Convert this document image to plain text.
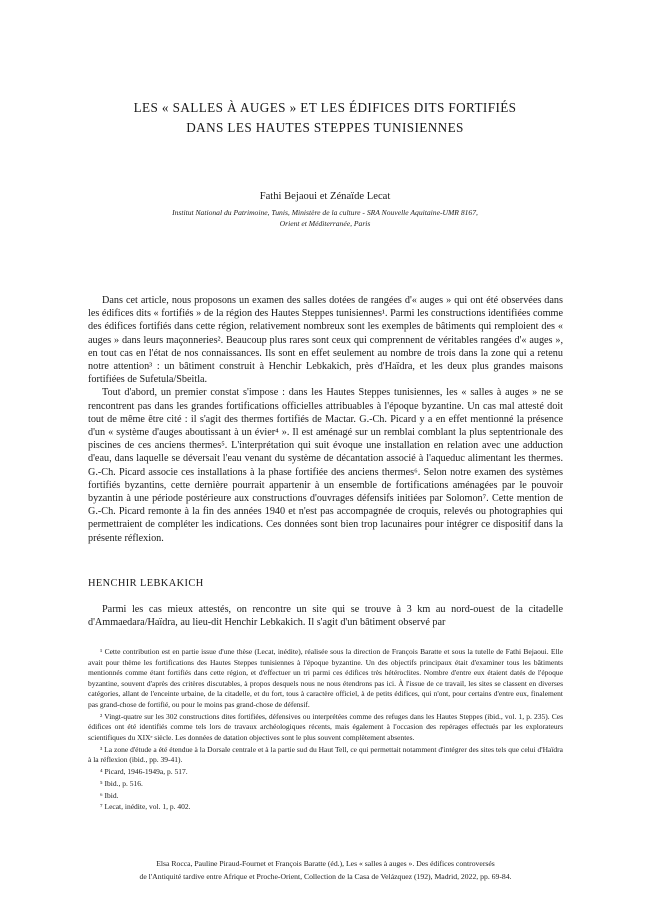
LES « SALLES À AUGES » ET LES ÉDIFICES DITS FORTIFIÉS
DANS LES HAUTES STEPPES TUNISIENNES
Fathi Bejaoui et Zénaïde Lecat
Institut National du Patrimoine, Tunis, Ministère de la culture - SRA Nouvelle Aquitaine-UMR 8167,
Orient et Méditerranée, Paris

Dans cet article, nous proposons un examen des salles dotées de rangées d'« auges » qui ont été observées dans les édifices dits « fortifiés » de la région des Hautes Steppes tunisiennes¹. Parmi les constructions identifiées comme des édifices fortifiés dans cette région, relativement nombreux sont les exemples de bâtiments qui remploient des « auges » dans leurs maçonneries². Beaucoup plus rares sont ceux qui comprennent de véritables rangées d'« auges », en tout cas en l'état de nos connaissances. Ils sont en effet seulement au nombre de trois dans la zone qui a retenu notre attention³ : un bâtiment construit à Henchir Lebkakich, près d'Haïdra, et les deux plus grandes maisons fortifiées de Sufetula/Sbeitla.

Tout d'abord, un premier constat s'impose : dans les Hautes Steppes tunisiennes, les « salles à auges » ne se rencontrent pas dans les grandes fortifications officielles attribuables à l'époque byzantine. Un cas mal attesté doit tout de même être cité : il s'agit des thermes fortifiés de Mactar. G.-Ch. Picard y a en effet mentionné la présence d'un « système d'auges aboutissant à un évier⁴ ». Il est aménagé sur un remblai comblant la plus septentrionale des piscines de ces anciens thermes⁵. L'interprétation qui suit évoque une installation en relation avec une adduction d'eau, dans laquelle se déversait l'eau venant du système de décantation associé à l'aqueduc alimentant les thermes. G.-Ch. Picard associe ces installations à la phase fortifiée des anciens thermes⁶. Selon notre examen des systèmes fortifiés byzantins, cette dernière pourrait appartenir à un ensemble de fortifications aménagées par le pouvoir byzantin à une période postérieure aux constructions d'ouvrages défensifs initiées par Solomon⁷. Cette mention de G.-Ch. Picard remonte à la fin des années 1940 et n'est pas accompagnée de croquis, relevés ou photographies qui permettraient de compléter les indications. Ces données sont bien trop lacunaires pour intégrer ce dispositif dans la présente réflexion.

HENCHIR LEBKAKICH

Parmi les cas mieux attestés, on rencontre un site qui se trouve à 3 km au nord-ouest de la citadelle d'Ammaedara/Haïdra, au lieu-dit Henchir Lebkakich. Il s'agit d'un bâtiment observé par

¹ Cette contribution est en partie issue d'une thèse (Lecat, inédite), réalisée sous la direction de François Baratte et sous la tutelle de Fathi Bejaoui. Elle avait pour thème les fortifications des Hautes Steppes tunisiennes à l'époque byzantine. Un des objectifs principaux était d'examiner tous les bâtiments mentionnés comme étant fortifiés dans cette région, et d'effectuer un tri parmi ces édifices très hétéroclites. Nombre d'entre eux étaient datés de l'époque byzantine, souvent d'après des critères discutables, à propos desquels nous ne nous étendrons pas ici. À l'issue de ce travail, les sites se classent en diverses catégories, allant de l'enceinte urbaine, de la citadelle, et du fort, tous à caractère officiel, à de petits édifices, qui n'ont, pour certains d'entre eux, finalement pas grand-chose de fortifié, ou pour le moins pas grand-chose de défensif.

² Vingt-quatre sur les 302 constructions dites fortifiées, défensives ou interprétées comme des refuges dans les Hautes Steppes (ibid., vol. 1, p. 235). Ces édifices ont été identifiés comme tels lors de travaux archéologiques récents, mais également à l'occasion des repérages effectués par les explorateurs scientifiques du XIXᵉ siècle. Les données de datation objectives sont le plus souvent complètement absentes.

³ La zone d'étude a été étendue à la Dorsale centrale et à la partie sud du Haut Tell, ce qui permettait notamment d'intégrer des sites tels que celui d'Haïdra à la réflexion (ibid., pp. 39-41).

⁴ Picard, 1946-1949a, p. 517.

⁵ Ibid., p. 516.

⁶ Ibid.

⁷ Lecat, inédite, vol. 1, p. 402.

Elsa Rocca, Pauline Piraud-Fournet et François Baratte (éd.), Les « salles à auges ». Des édifices controversés
de l'Antiquité tardive entre Afrique et Proche-Orient, Collection de la Casa de Velázquez (192), Madrid, 2022, pp. 69-84.
